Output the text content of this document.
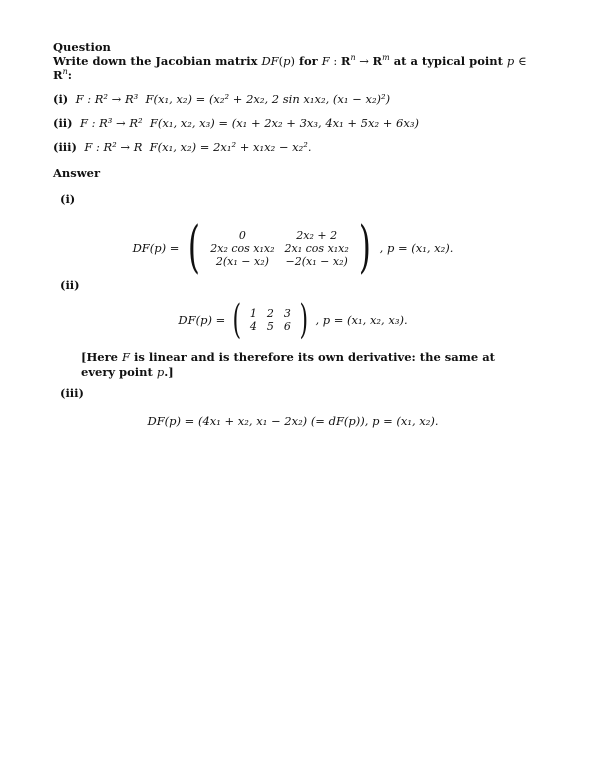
Question

Write down the Jacobian matrix DF(p) for F : $R^n \to R^m$ at a typical point p ∈ $R^n$:

(i) F : R² → R³ F(x₁, x₂) = (x₂² + 2x₂, 2 sin x₁x₂, (x₁ − x₂)²)
(ii) F : R³ → R² F(x₁, x₂, x₃) = (x₁ + 2x₂ + 3x₃, 4x₁ + 5x₂ + 6x₃)
(iii) F : R² → R F(x₁, x₂) = 2x₁² + x₁x₂ − x₂².
Answer
(i)
DF(p) = (	0	2x₂ + 2
2x₂ cos x₁x₂	2x₁ cos x₁x₂
2(x₁ − x₂)	−2(x₁ − x₂) ) , p = (x₁, x₂).
(ii)
DF(p) = ( 1	2	3
4	5	6 ) , p = (x₁, x₂, x₃).
[Here F is linear and is therefore its own derivative: the same at every point p.]
(iii)
DF(p) = (4x₁ + x₂, x₁ − 2x₂) (= dF(p)), p = (x₁, x₂).
